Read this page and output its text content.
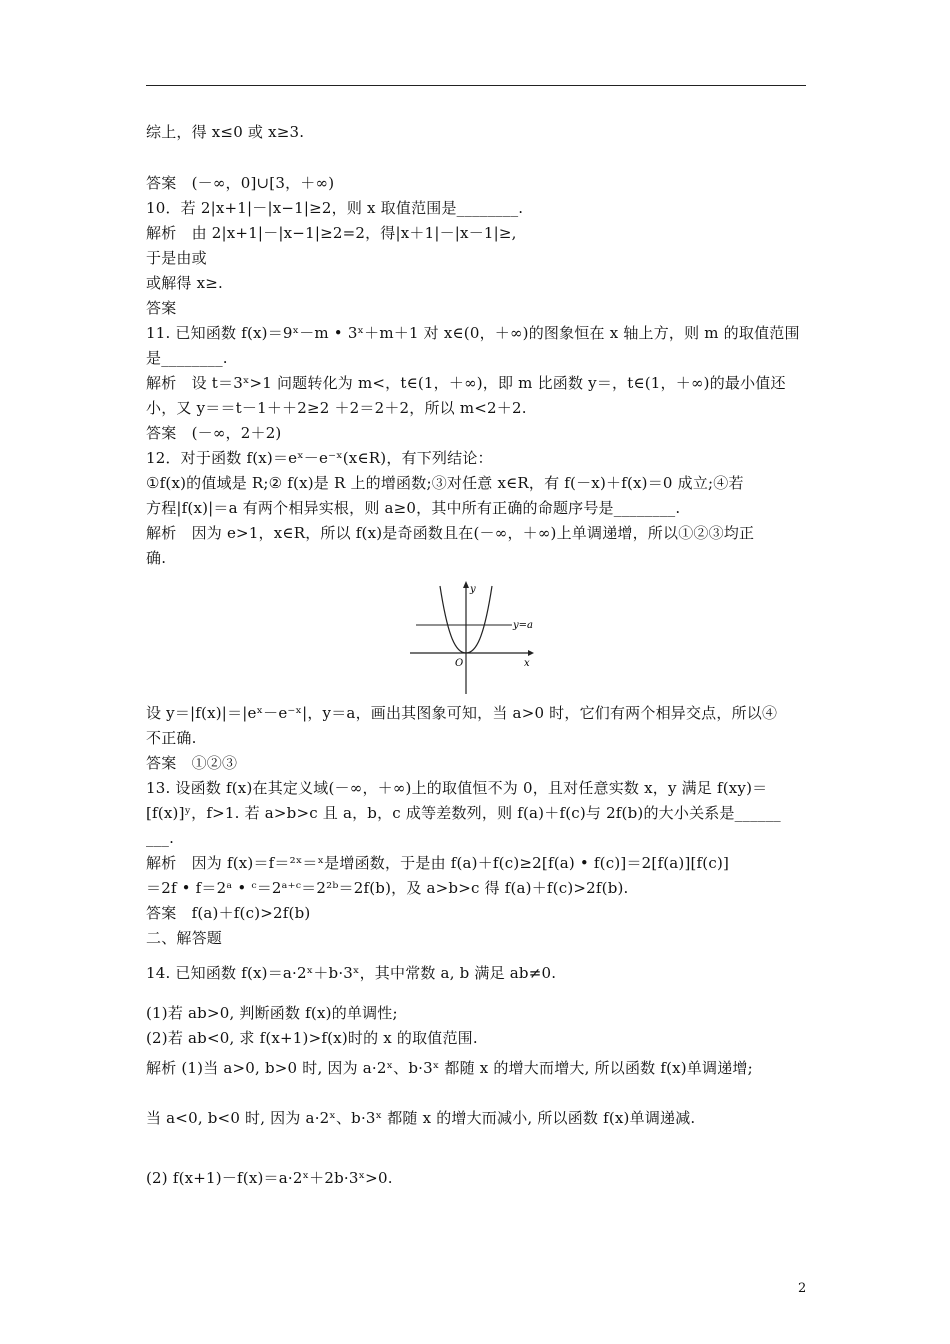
综上，得 x≤0 或 x≥3.
答案　(－∞，0]∪[3，＋∞)
10．若 2|x+1|－|x−1|≥2，则 x 取值范围是________.
解析　由 2|x+1|－|x−1|≥2=2，得|x＋1|－|x－1|≥,
于是由或
或解得 x≥.
答案
11. 已知函数 f(x)＝9ˣ－m • 3ˣ＋m＋1 对 x∈(0，＋∞)的图象恒在 x 轴上方，则 m 的取值范围
是________.
解析　设 t＝3ˣ>1 问题转化为 m<，t∈(1，＋∞)，即 m 比函数 y＝，t∈(1，＋∞)的最小值还
小，又 y＝＝t－1＋＋2≥2 ＋2＝2＋2，所以 m<2＋2.
答案　(－∞，2＋2)
12．对于函数 f(x)＝eˣ－e⁻ˣ(x∈R)，有下列结论：
①f(x)的值域是 R;② f(x)是 R 上的增函数;③对任意 x∈R，有 f(－x)＋f(x)＝0 成立;④若
方程|f(x)|＝a 有两个相异实根，则 a≥0，其中所有正确的命题序号是________.
解析　因为 e>1，x∈R，所以 f(x)是奇函数且在(－∞，＋∞)上单调递增，所以①②③均正
确.
y
x
O
y=a
设 y＝|f(x)|＝|eˣ－e⁻ˣ|，y＝a，画出其图象可知，当 a>0 时，它们有两个相异交点，所以④
不正确.
答案　①②③
13. 设函数 f(x)在其定义域(－∞，＋∞)上的取值恒不为 0，且对任意实数 x，y 满足 f(xy)＝
[f(x)]ʸ，f>1. 若 a>b>c 且 a，b，c 成等差数列，则 f(a)＋f(c)与 2f(b)的大小关系是______
___.
解析　因为 f(x)＝f＝²ˣ＝ˣ是增函数，于是由 f(a)＋f(c)≥2[f(a) • f(c)]＝2[f(a)][f(c)]
＝2f • f＝2ᵃ • ᶜ＝2ᵃ⁺ᶜ＝2²ᵇ＝2f(b)，及 a>b>c 得 f(a)＋f(c)>2f(b).
答案　f(a)＋f(c)>2f(b)
二、解答题
14. 已知函数 f(x)＝a·2ˣ＋b·3ˣ，其中常数 a, b 满足 ab≠0.
(1)若 ab>0, 判断函数 f(x)的单调性;
(2)若 ab<0, 求 f(x+1)>f(x)时的 x 的取值范围.
解析 (1)当 a>0, b>0 时, 因为 a·2ˣ、b·3ˣ 都随 x 的增大而增大, 所以函数 f(x)单调递增;
当 a<0, b<0 时, 因为 a·2ˣ、b·3ˣ 都随 x 的增大而减小, 所以函数 f(x)单调递减.
(2) f(x+1)－f(x)＝a·2ˣ＋2b·3ˣ>0.
2
